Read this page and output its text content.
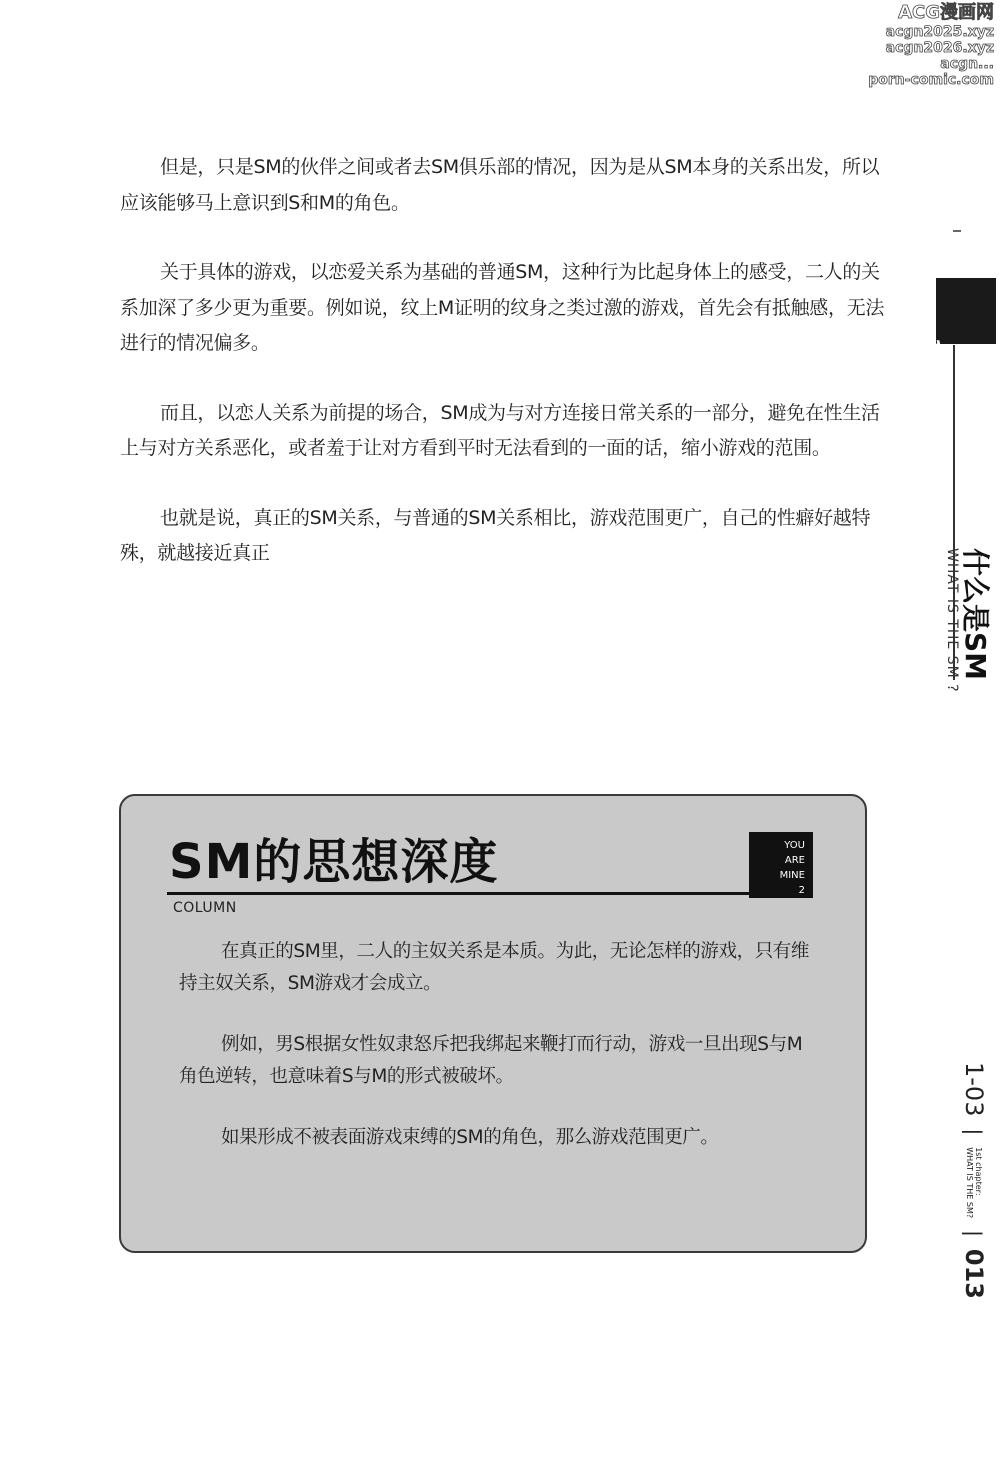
ACG漫画网
acgn2025.xyz
acgn2026.xyz
acgn...
porn-comic.com

但是，只是SM的伙伴之间或者去SM俱乐部的情况，因为是从SM本身的关系出发，所以应该能够马上意识到S和M的角色。

关于具体的游戏，以恋爱关系为基础的普通SM，这种行为比起身体上的感受，二人的关系加深了多少更为重要。例如说，纹上M证明的纹身之类过激的游戏，首先会有抵触感，无法进行的情况偏多。

而且，以恋人关系为前提的场合，SM成为与对方连接日常关系的一部分，避免在性生活上与对方关系恶化，或者羞于让对方看到平时无法看到的一面的话，缩小游戏的范围。

也就是说，真正的SM关系，与普通的SM关系相比，游戏范围更广，自己的性癖好越特殊，就越接近真正

1st
chapter
什么是SM
WHAT IS THE SM ?
1-03
|
1st chapter:
WHAT IS THE SM?
|
013
SM的思想深度	YOU
ARE
MINE
2
COLUMN

在真正的SM里，二人的主奴关系是本质。为此，无论怎样的游戏，只有维持主奴关系，SM游戏才会成立。

例如，男S根据女性奴隶怒斥把我绑起来鞭打而行动，游戏一旦出现S与M角色逆转，也意味着S与M的形式被破坏。

如果形成不被表面游戏束缚的SM的角色，那么游戏范围更广。
